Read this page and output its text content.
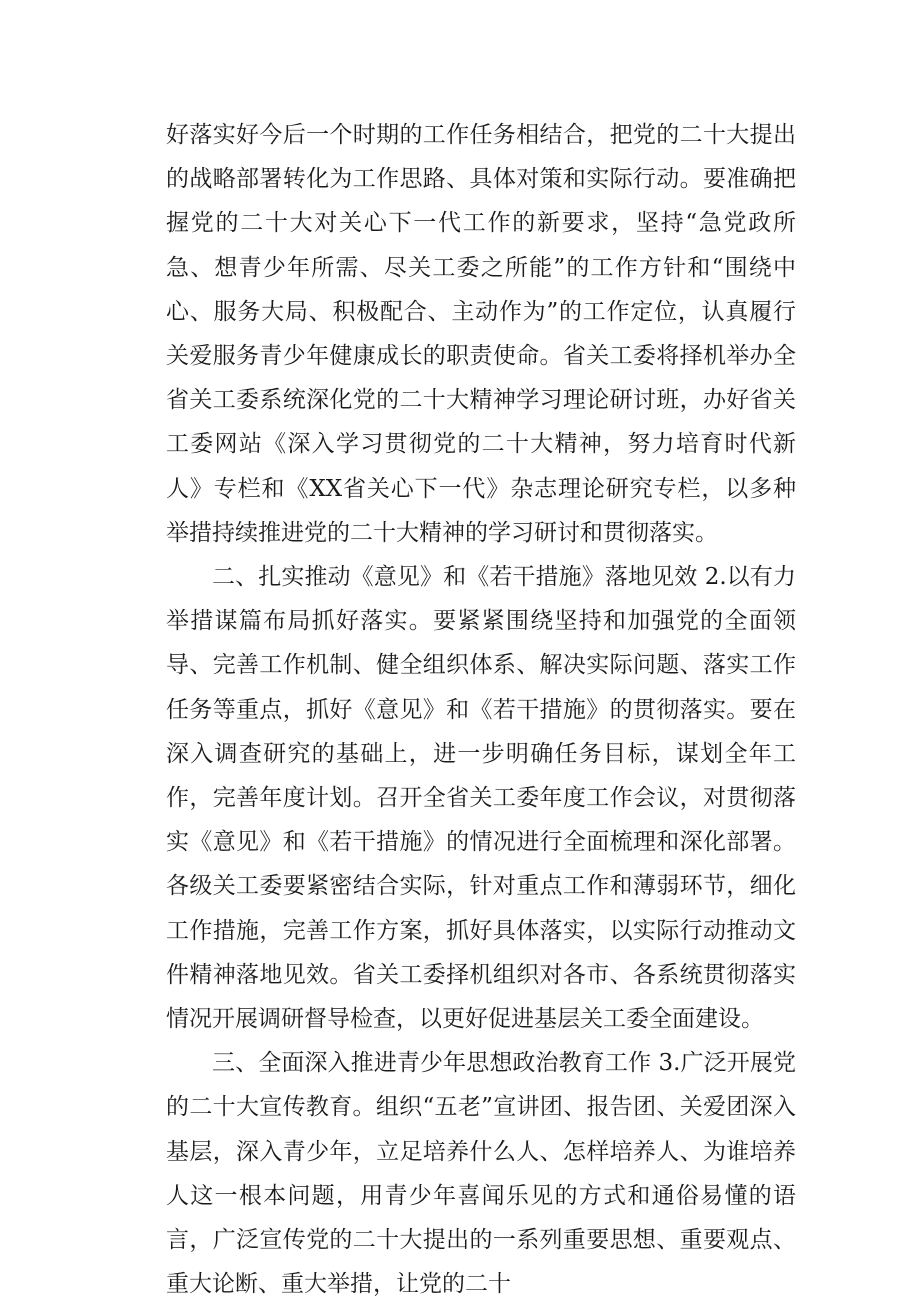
好落实好今后一个时期的工作任务相结合，把党的二十大提出的战略部署转化为工作思路、具体对策和实际行动。要准确把握党的二十大对关心下一代工作的新要求，坚持“急党政所急、想青少年所需、尽关工委之所能”的工作方针和“围绕中心、服务大局、积极配合、主动作为”的工作定位，认真履行关爱服务青少年健康成长的职责使命。省关工委将择机举办全省关工委系统深化党的二十大精神学习理论研讨班，办好省关工委网站《深入学习贯彻党的二十大精神，努力培育时代新人》专栏和《XX省关心下一代》杂志理论研究专栏，以多种举措持续推进党的二十大精神的学习研讨和贯彻落实。

二、扎实推动《意见》和《若干措施》落地见效 2.以有力举措谋篇布局抓好落实。要紧紧围绕坚持和加强党的全面领导、完善工作机制、健全组织体系、解决实际问题、落实工作任务等重点，抓好《意见》和《若干措施》的贯彻落实。要在深入调查研究的基础上，进一步明确任务目标，谋划全年工作，完善年度计划。召开全省关工委年度工作会议，对贯彻落实《意见》和《若干措施》的情况进行全面梳理和深化部署。各级关工委要紧密结合实际，针对重点工作和薄弱环节，细化工作措施，完善工作方案，抓好具体落实，以实际行动推动文件精神落地见效。省关工委择机组织对各市、各系统贯彻落实情况开展调研督导检查，以更好促进基层关工委全面建设。

三、全面深入推进青少年思想政治教育工作 3.广泛开展党的二十大宣传教育。组织“五老”宣讲团、报告团、关爱团深入基层，深入青少年，立足培养什么人、怎样培养人、为谁培养人这一根本问题，用青少年喜闻乐见的方式和通俗易懂的语言，广泛宣传党的二十大提出的一系列重要思想、重要观点、重大论断、重大举措，让党的二十
